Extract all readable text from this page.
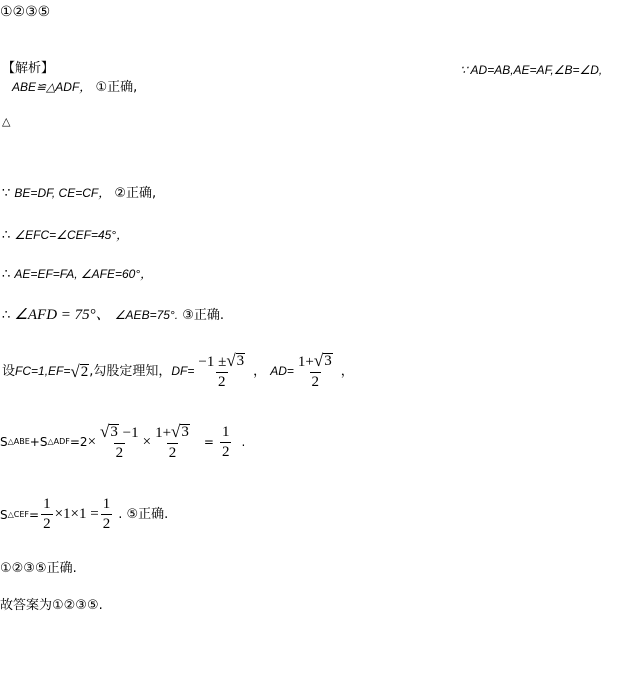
①②③⑤
【解析】	∵ AD=AB,AE=AF,∠B=∠D,
ABE≌△ADF， ①正确,
△
∵ BE=DF, CE=CF， ②正确,
∴ ∠EFC=∠CEF=45°，
∴ AE=EF=FA, ∠AFE=60°，
∴ ∠AFD = 75°、 ∠AEB=75°. ③正确.
设 FC=1,EF= √ 2 ,勾股定理知， $DF= \frac{-1 \pm √ 3}{2}$ ， $AD= \frac{1+ √ 3}{2}$ ，
S △ABE +S △ADF $=2 \times \frac{√ 3 -1}{2} \times \frac{1+ √ 3}{2} = \frac{1}{2}$ .
S △CEF = $\frac{1}{2} \times 1\times 1 = \frac{1}{2}$ . ⑤正确.
①②③⑤正确.
故答案为①②③⑤.
